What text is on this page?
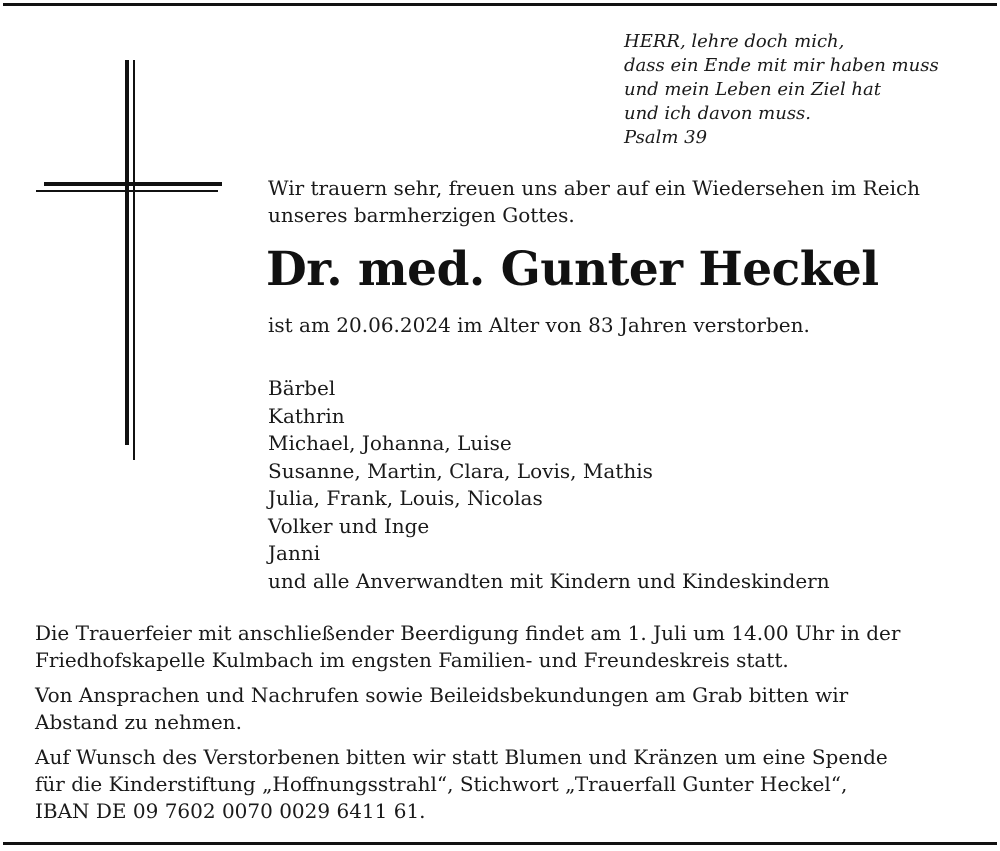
HERR, lehre doch mich,
dass ein Ende mit mir haben muss
und mein Leben ein Ziel hat
und ich davon muss.
Psalm 39
Wir trauern sehr, freuen uns aber auf ein Wiedersehen im Reich
unseres barmherzigen Gottes.
Dr. med. Gunter Heckel
ist am 20.06.2024 im Alter von 83 Jahren verstorben.
Bärbel
Kathrin
Michael, Johanna, Luise
Susanne, Martin, Clara, Lovis, Mathis
Julia, Frank, Louis, Nicolas
Volker und Inge
Janni
und alle Anverwandten mit Kindern und Kindeskindern

Die Trauerfeier mit anschließender Beerdigung findet am 1. Juli um 14.00 Uhr in der
Friedhofskapelle Kulmbach im engsten Familien- und Freundeskreis statt.

Von Ansprachen und Nachrufen sowie Beileidsbekundungen am Grab bitten wir
Abstand zu nehmen.

Auf Wunsch des Verstorbenen bitten wir statt Blumen und Kränzen um eine Spende
für die Kinderstiftung „Hoffnungsstrahl“, Stichwort „Trauerfall Gunter Heckel“,
IBAN DE 09 7602 0070 0029 6411 61.
